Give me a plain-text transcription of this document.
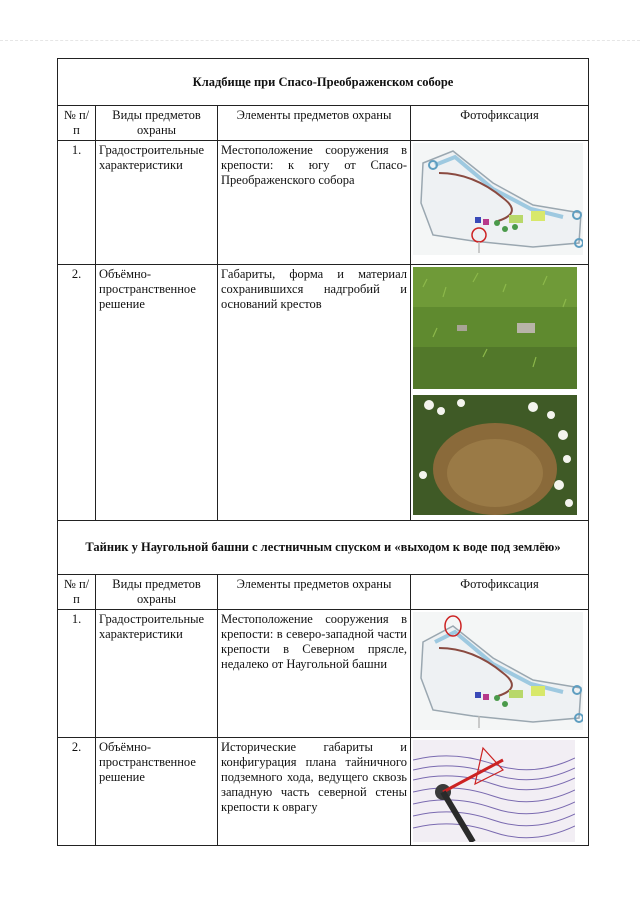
Кладбище при Спасо-Преображенском соборе			
№ п/п	Виды предметов охраны	Элементы предметов охраны	Фотофиксация
1.	Градостроительные характеристики	Местоположение сооружения в крепости: к югу от Спасо-Преображенского собора	

2.	Объёмно-пространственное решение	Габариты, форма и материал сохранившихся надгробий и оснований крестов	

Тайник у Наугольной башни с лестничным спуском и «выходом к воде под землёю»			
№ п/п	Виды предметов охраны	Элементы предметов охраны	Фотофиксация
1.	Градостроительные характеристики	Местоположение сооружения в крепости: в северо-западной части крепости в Северном прясле, недалеко от Наугольной башни	

2.	Объёмно-пространственное решение	Исторические габариты и конфигурация плана тайничного подземного хода, ведущего сквозь западную часть северной стены крепости к оврагу	
